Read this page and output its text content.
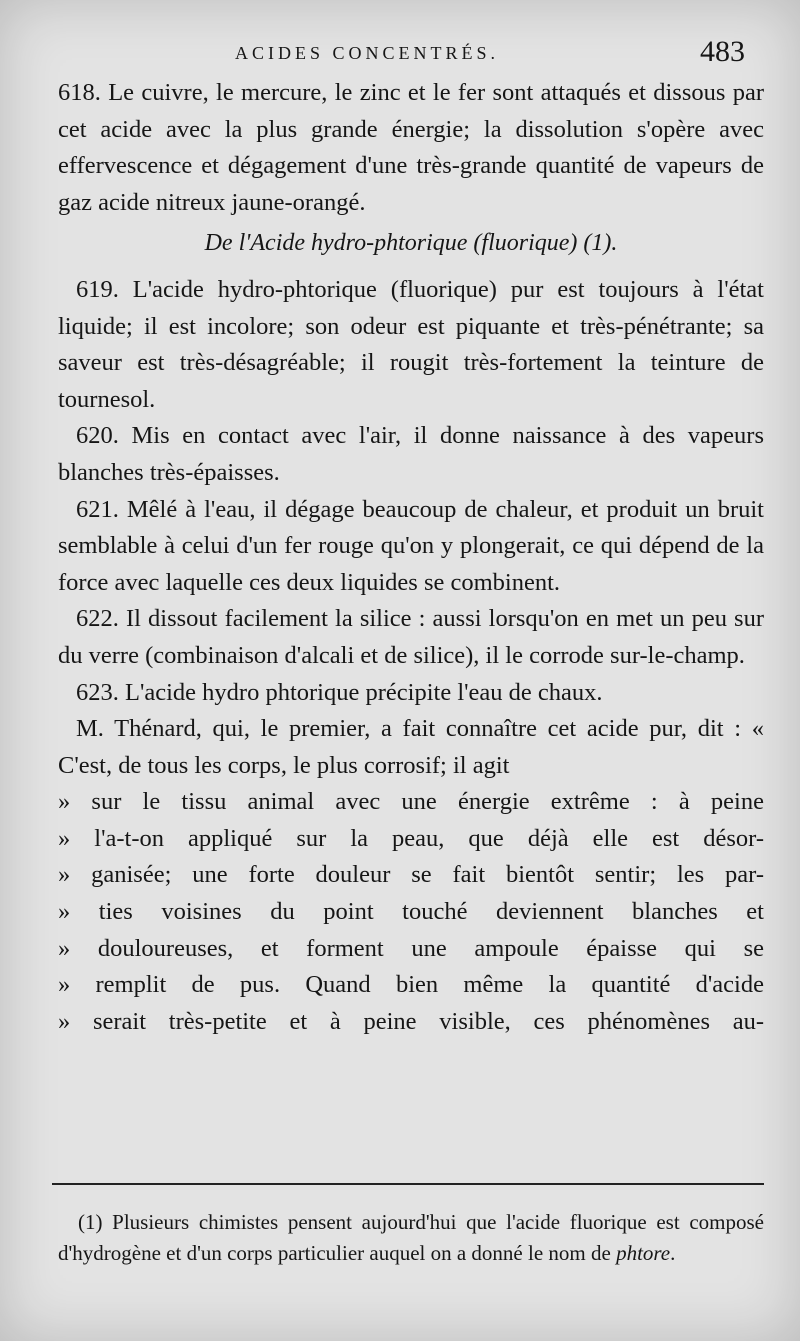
ACIDES CONCENTRÉS.	483

618. Le cuivre, le mercure, le zinc et le fer sont attaqués et dissous par cet acide avec la plus grande énergie; la dissolution s'opère avec effervescence et dégagement d'une très-grande quantité de vapeurs de gaz acide nitreux jaune-orangé.

De l'Acide hydro-phtorique (fluorique) (1).

619. L'acide hydro-phtorique (fluorique) pur est toujours à l'état liquide; il est incolore; son odeur est piquante et très-pénétrante; sa saveur est très-désagréable; il rougit très-fortement la teinture de tournesol.

620. Mis en contact avec l'air, il donne naissance à des vapeurs blanches très-épaisses.

621. Mêlé à l'eau, il dégage beaucoup de chaleur, et produit un bruit semblable à celui d'un fer rouge qu'on y plongerait, ce qui dépend de la force avec laquelle ces deux liquides se combinent.

622. Il dissout facilement la silice : aussi lorsqu'on en met un peu sur du verre (combinaison d'alcali et de silice), il le corrode sur-le-champ.

623. L'acide hydro phtorique précipite l'eau de chaux.

M. Thénard, qui, le premier, a fait connaître cet acide pur, dit : « C'est, de tous les corps, le plus corrosif; il agit

» sur le tissu animal avec une énergie extrême : à peine
» l'a-t-on appliqué sur la peau, que déjà elle est désor-
» ganisée; une forte douleur se fait bientôt sentir; les par-
» ties voisines du point touché deviennent blanches et
» douloureuses, et forment une ampoule épaisse qui se
» remplit de pus. Quand bien même la quantité d'acide
» serait très-petite et à peine visible, ces phénomènes au-
(1) Plusieurs chimistes pensent aujourd'hui que l'acide fluorique est composé d'hydrogène et d'un corps particulier auquel on a donné le nom de phtore.
